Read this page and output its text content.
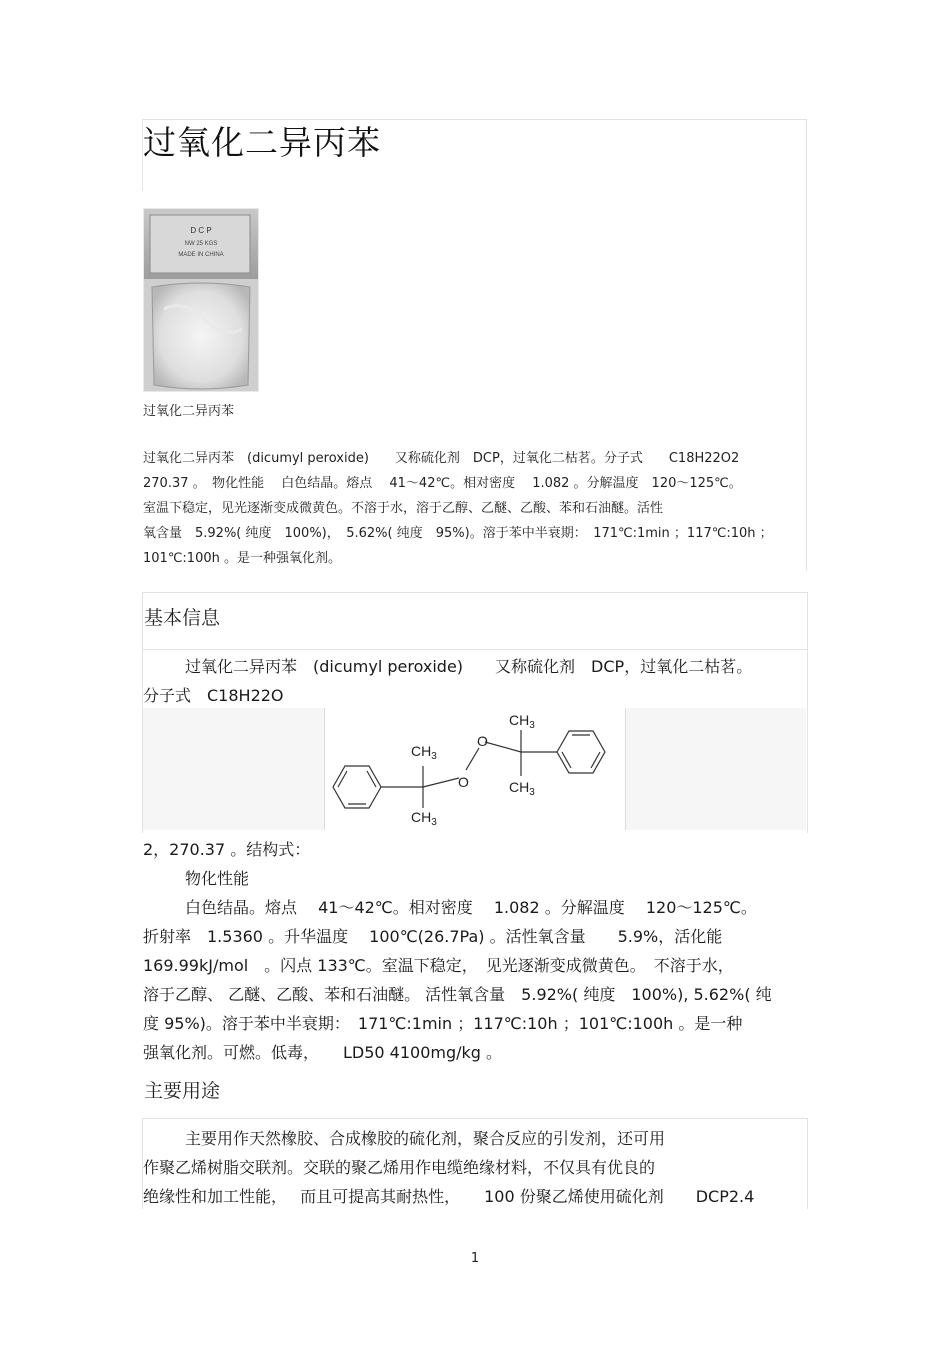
过氧化二异丙苯
D C P
NW 25 KGS
MADE IN CHINA
过氧化二异丙苯
过氧化二异丙苯　(dicumyl peroxide)　　又称硫化剂　DCP，过氧化二枯茗。分子式　　C18H22O2
270.37 。　物化性能　 白色结晶。熔点　 41～42℃。相对密度　 1.082 。分解温度　120～125℃。
室温下稳定，见光逐渐变成微黄色。不溶于水，溶于乙醇、乙醚、乙酸、苯和石油醚。活性
氧含量　5.92%( 纯度　100%)，　5.62%( 纯度　95%)。溶于苯中半衰期：　171℃:1min ；117℃:10h ；
101℃:100h 。是一种强氧化剂。
基本信息
过氧化二异丙苯　(dicumyl peroxide)　　又称硫化剂　DCP，过氧化二枯茗。
分子式　C18H22O
$CH_3$
$CH_3$
$CH_3$
$CH_3$
O
O
2，270.37 。结构式：
物化性能
白色结晶。熔点　 41～42℃。相对密度　 1.082 。分解温度　 120～125℃。
折射率　1.5360 。升华温度　 100℃(26.7Pa) 。活性氧含量　　5.9%，活化能
169.99kJ/mol　。闪点 133℃。室温下稳定，　见光逐渐变成微黄色。　不溶于水，
溶于乙醇、 乙醚、乙酸、苯和石油醚。 活性氧含量　5.92%( 纯度　100%), 5.62%( 纯
度 95%)。溶于苯中半衰期：　171℃:1min ；117℃:10h ；101℃:100h 。是一种
强氧化剂。可燃。低毒，　　LD50 4100mg/kg 。
主要用途
主要用作天然橡胶、合成橡胶的硫化剂，聚合反应的引发剂，还可用
作聚乙烯树脂交联剂。交联的聚乙烯用作电缆绝缘材料，不仅具有优良的
绝缘性和加工性能，　 而且可提高其耐热性，　　100 份聚乙烯使用硫化剂　　DCP2.4
1
